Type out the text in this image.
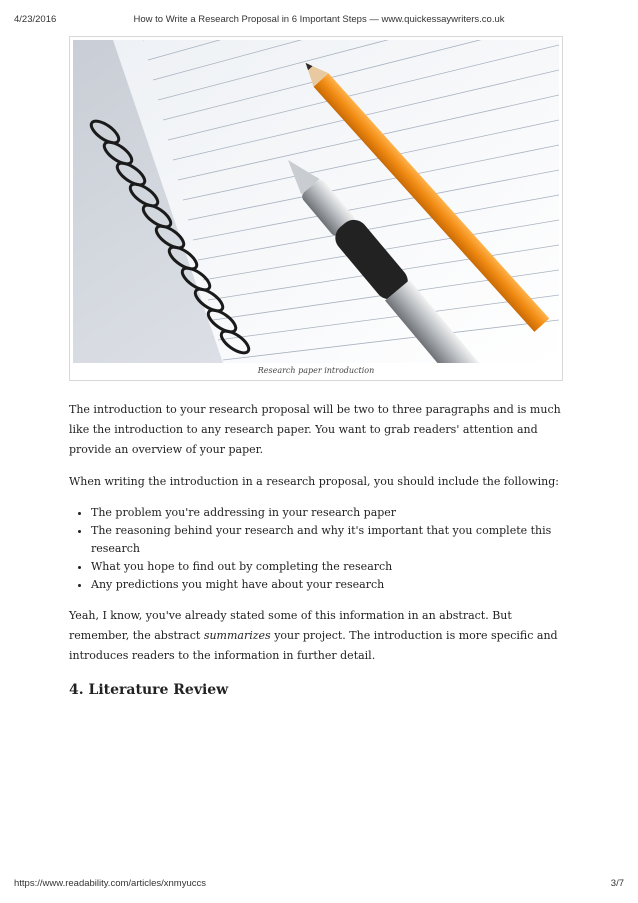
4/23/2016	How to Write a Research Proposal in 6 Important Steps — www.quickessaywriters.co.uk
Research paper introduction

The introduction to your research proposal will be two to three paragraphs and is much like the introduction to any research paper. You want to grab readers' attention and provide an overview of your paper.

When writing the introduction in a research proposal, you should include the following:

• The problem you're addressing in your research paper
• The reasoning behind your research and why it's important that you complete this research
• What you hope to find out by completing the research
• Any predictions you might have about your research

Yeah, I know, you've already stated some of this information in an abstract. But remember, the abstract summarizes your project. The introduction is more specific and introduces readers to the information in further detail.

4. Literature Review
https://www.readability.com/articles/xnmyuccs	3/7
